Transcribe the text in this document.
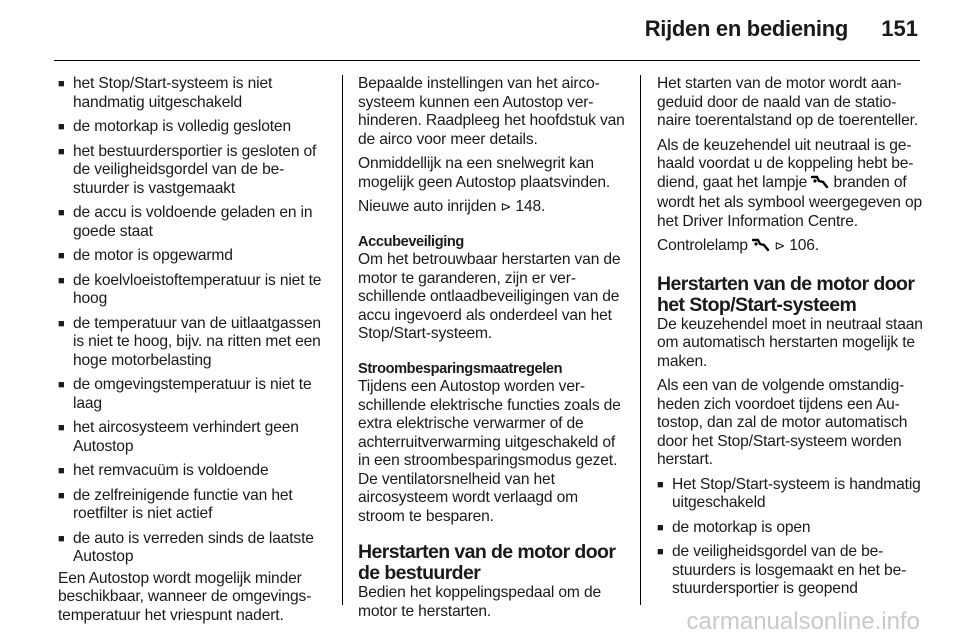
Rijden en bediening 151
■ het Stop/Start-systeem is niet handmatig uitgeschakeld
■ de motorkap is volledig gesloten
■ het bestuurdersportier is gesloten of de veiligheidsgordel van de bestuurder is vastgemaakt
■ de accu is voldoende geladen en in goede staat
■ de motor is opgewarmd
■ de koelvloeistoftemperatuur is niet te hoog
■ de temperatuur van de uitlaatgassen is niet te hoog, bijv. na ritten met een hoge motorbelasting
■ de omgevingstemperatuur is niet te laag
■ het aircosysteem verhindert geen Autostop
■ het remvacuüm is voldoende
■ de zelfreinigende functie van het roetfilter is niet actief
■ de auto is verreden sinds de laatste Autostop

Een Autostop wordt mogelijk minder beschikbaar, wanneer de omgevingstemperatuur het vriespunt nadert.

Bepaalde instellingen van het aircosysteem kunnen een Autostop verhinderen. Raadpleeg het hoofdstuk van de airco voor meer details.

Onmiddellijk na een snelwegrit kan mogelijk geen Autostop plaatsvinden.

Nieuwe auto inrijden ⊳ 148.

Accubeveiliging

Om het betrouwbaar herstarten van de motor te garanderen, zijn er verschillende ontlaadbeveiligingen van de accu ingevoerd als onderdeel van het Stop/Start-systeem.

Stroombesparingsmaatregelen

Tijdens een Autostop worden verschillende elektrische functies zoals de extra elektrische verwarmer of de achterruitverwarming uitgeschakeld of in een stroombesparingsmodus gezet. De ventilatorsnelheid van het aircosysteem wordt verlaagd om stroom te besparen.

Herstarten van de motor door de bestuurder

Bedien het koppelingspedaal om de motor te herstarten.

Het starten van de motor wordt aangeduid door de naald van de stationaire toerentalstand op de toerenteller.

Als de keuzehendel uit neutraal is gehaald voordat u de koppeling hebt bediend, gaat het lampje branden of wordt het als symbool weergegeven op het Driver Information Centre.

Controlelamp ⊳ 106.

Herstarten van de motor door het Stop/Start-systeem

De keuzehendel moet in neutraal staan om automatisch herstarten mogelijk te maken.

Als een van de volgende omstandigheden zich voordoet tijdens een Autostop, dan zal de motor automatisch door het Stop/Start-systeem worden herstart.

■ Het Stop/Start-systeem is handmatig uitgeschakeld
■ de motorkap is open
■ de veiligheidsgordel van de bestuurders is losgemaakt en het bestuurdersportier is geopend
carmanualsonline.info
